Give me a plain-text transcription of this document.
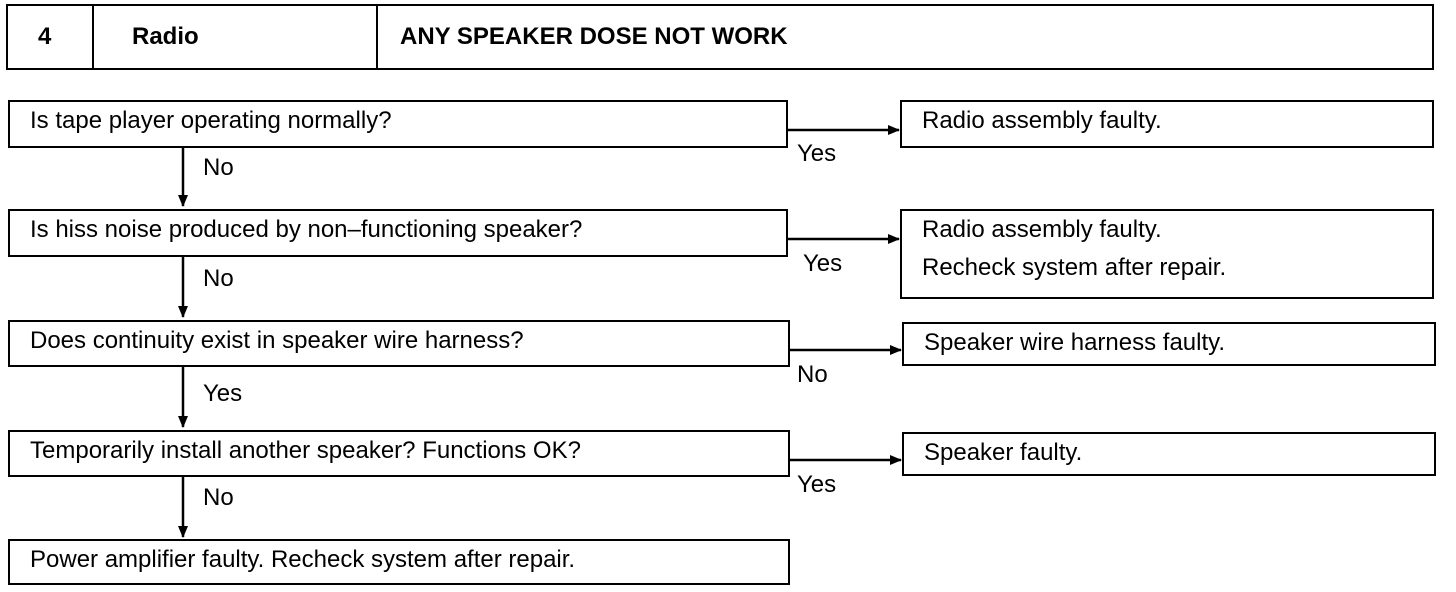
4	Radio	ANY SPEAKER DOSE NOT WORK
Is tape player operating normally?
No
Yes
Radio assembly faulty.
Is hiss noise produced by non–functioning speaker?
No
Yes
Radio assembly faulty.
Recheck system after repair.
Does continuity exist in speaker wire harness?
Yes
No
Speaker wire harness faulty.
Temporarily install another speaker? Functions OK?
No	Yes
Speaker faulty.
Power amplifier faulty. Recheck system after repair.
